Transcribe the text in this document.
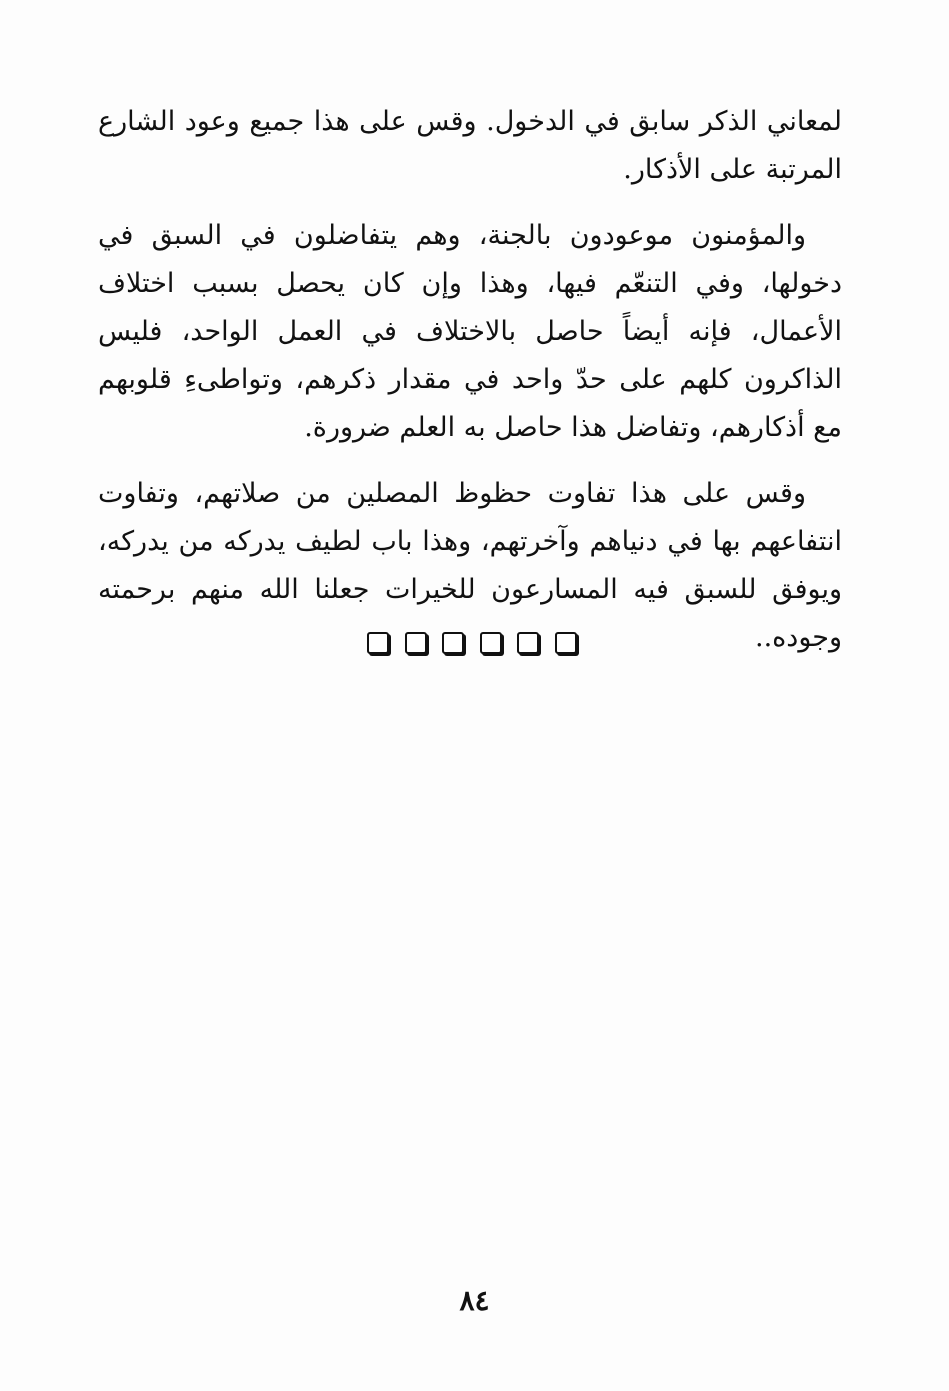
لمعاني الذكر سابق في الدخول. وقس على هذا جميع وعود الشارع المرتبة على الأذكار.

والمؤمنون موعودون بالجنة، وهم يتفاضلون في السبق في دخولها، وفي التنعّم فيها، وهذا وإن كان يحصل بسبب اختلاف الأعمال، فإنه أيضاً حاصل بالاختلاف في العمل الواحد، فليس الذاكرون كلهم على حدّ واحد في مقدار ذكرهم، وتواطىءِ قلوبهم مع أذكارهم، وتفاضل هذا حاصل به العلم ضرورة.

وقس على هذا تفاوت حظوظ المصلين من صلاتهم، وتفاوت انتفاعهم بها في دنياهم وآخرتهم، وهذا باب لطيف يدركه من يدركه، ويوفق للسبق فيه المسارعون للخيرات جعلنا الله منهم برحمته وجوده..

٨٤
